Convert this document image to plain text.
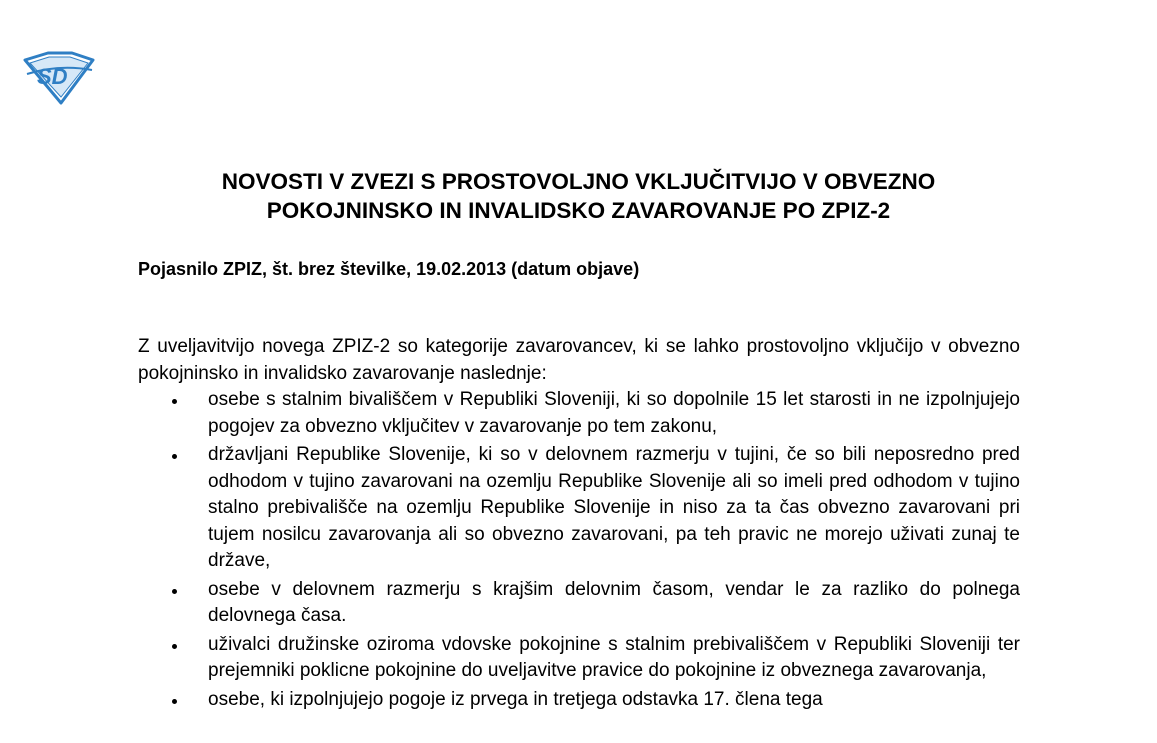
SD
NOVOSTI V ZVEZI S PROSTOVOLJNO VKLJUČITVIJO V OBVEZNO
POKOJNINSKO IN INVALIDSKO ZAVAROVANJE PO ZPIZ-2
Pojasnilo ZPIZ, št. brez številke, 19.02.2013 (datum objave)

Z uveljavitvijo novega ZPIZ-2 so kategorije zavarovancev, ki se lahko prostovoljno vključijo v obvezno pokojninsko in invalidsko zavarovanje naslednje:

osebe s stalnim bivališčem v Republiki Sloveniji, ki so dopolnile 15 let starosti in ne izpolnjujejo pogojev za obvezno vključitev v zavarovanje po tem zakonu,
državljani Republike Slovenije, ki so v delovnem razmerju v tujini, če so bili neposredno pred odhodom v tujino zavarovani na ozemlju Republike Slovenije ali so imeli pred odhodom v tujino stalno prebivališče na ozemlju Republike Slovenije in niso za ta čas obvezno zavarovani pri tujem nosilcu zavarovanja ali so obvezno zavarovani, pa teh pravic ne morejo uživati zunaj te države,
osebe v delovnem razmerju s krajšim delovnim časom, vendar le za razliko do polnega delovnega časa.
uživalci družinske oziroma vdovske pokojnine s stalnim prebivališčem v Republiki Sloveniji ter prejemniki poklicne pokojnine do uveljavitve pravice do pokojnine iz obveznega zavarovanja,
osebe, ki izpolnjujejo pogoje iz prvega in tretjega odstavka 17. člena tega
